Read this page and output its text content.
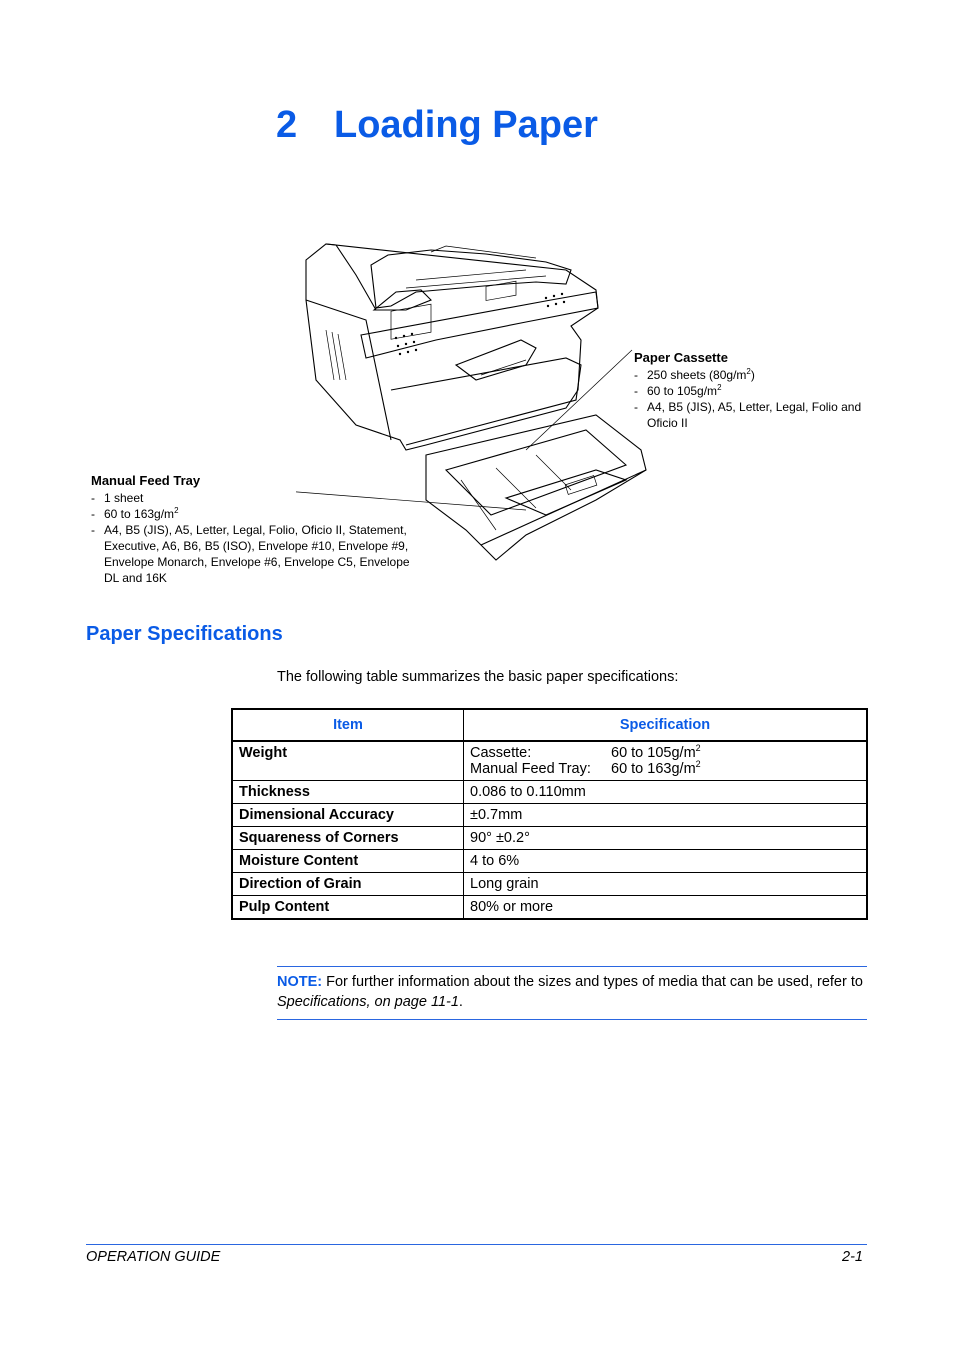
2 Loading Paper
Paper Cassette
- 250 sheets $(80g/m^2)$
- 60 to $105g/m^2$
- A4, B5 (JIS), A5, Letter, Legal, Folio and Oficio II
Manual Feed Tray
- 1 sheet
- 60 to $163g/m^2$
- A4, B5 (JIS), A5, Letter, Legal, Folio, Oficio II, Statement, Executive, A6, B6, B5 (ISO), Envelope #10, Envelope #9, Envelope Monarch, Envelope #6, Envelope C5, Envelope DL and 16K
Paper Specifications
The following table summarizes the basic paper specifications:
Item	Specification
Weight	Cassette: 60 to $105g/m^2$
Manual Feed Tray: 60 to $163g/m^2$

Thickness	0.086 to 0.110mm
Dimensional Accuracy	±0.7mm
Squareness of Corners	90° ±0.2°
Moisture Content	4 to 6%
Direction of Grain	Long grain
Pulp Content	80% or more
NOTE: For further information about the sizes and types of media that can be used, refer to Specifications, on page 11-1.
OPERATION GUIDE	2-1
